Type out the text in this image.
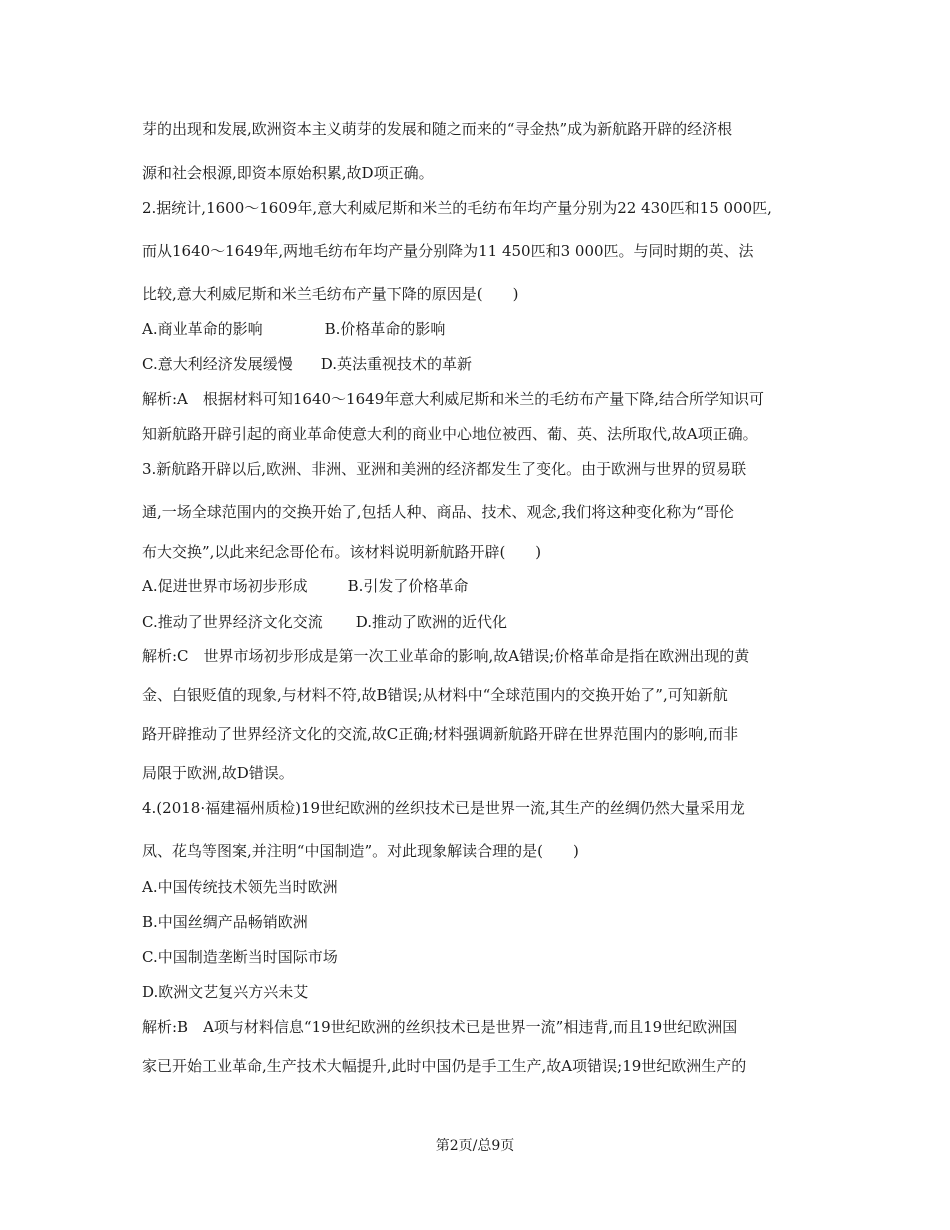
芽的出现和发展,欧洲资本主义萌芽的发展和随之而来的“寻金热”成为新航路开辟的经济根
源和社会根源,即资本原始积累,故D项正确。
2.据统计,1600～1609年,意大利威尼斯和米兰的毛纺布年均产量分别为22 430匹和15 000匹,
而从1640～1649年,两地毛纺布年均产量分别降为11 450匹和3 000匹。与同时期的英、法
比较,意大利威尼斯和米兰毛纺布产量下降的原因是(　　)
A.商业革命的影响	B.价格革命的影响
C.意大利经济发展缓慢 D.英法重视技术的革新
解析:A　根据材料可知1640～1649年意大利威尼斯和米兰的毛纺布产量下降,结合所学知识可
知新航路开辟引起的商业革命使意大利的商业中心地位被西、葡、英、法所取代,故A项正确。
3.新航路开辟以后,欧洲、非洲、亚洲和美洲的经济都发生了变化。由于欧洲与世界的贸易联
通,一场全球范围内的交换开始了,包括人种、商品、技术、观念,我们将这种变化称为“哥伦
布大交换”,以此来纪念哥伦布。该材料说明新航路开辟(　　)
A.促进世界市场初步形成	B.引发了价格革命
C.推动了世界经济文化交流 D.推动了欧洲的近代化
解析:C　世界市场初步形成是第一次工业革命的影响,故A错误;价格革命是指在欧洲出现的黄
金、白银贬值的现象,与材料不符,故B错误;从材料中“全球范围内的交换开始了”,可知新航
路开辟推动了世界经济文化的交流,故C正确;材料强调新航路开辟在世界范围内的影响,而非
局限于欧洲,故D错误。
4.(2018·福建福州质检)19世纪欧洲的丝织技术已是世界一流,其生产的丝绸仍然大量采用龙
凤、花鸟等图案,并注明“中国制造”。对此现象解读合理的是(　　)
A.中国传统技术领先当时欧洲
B.中国丝绸产品畅销欧洲
C.中国制造垄断当时国际市场
D.欧洲文艺复兴方兴未艾
解析:B　A项与材料信息“19世纪欧洲的丝织技术已是世界一流”相违背,而且19世纪欧洲国
家已开始工业革命,生产技术大幅提升,此时中国仍是手工生产,故A项错误;19世纪欧洲生产的
第2页/总9页
